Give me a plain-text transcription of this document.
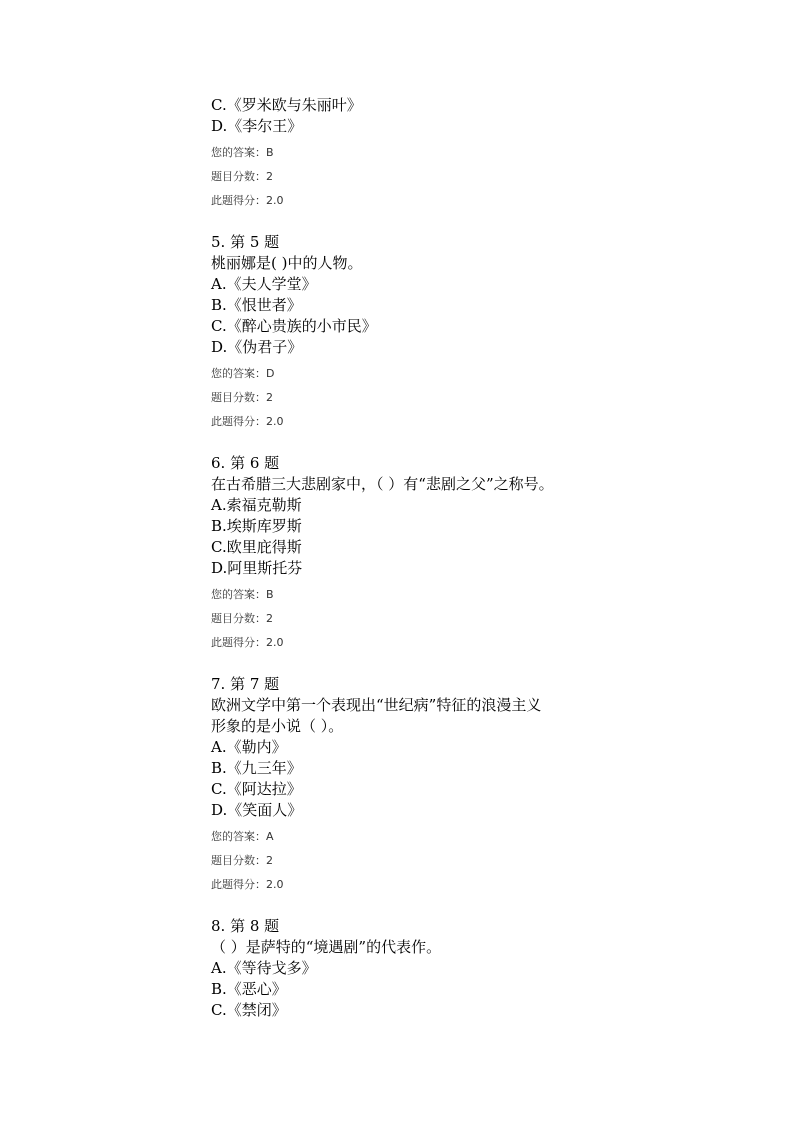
C.《罗米欧与朱丽叶》
D.《李尔王》
您的答案：B
题目分数：2
此题得分：2.0
5. 第 5 题
桃丽娜是( )中的人物。
A.《夫人学堂》
B.《恨世者》
C.《醉心贵族的小市民》
D.《伪君子》
您的答案：D
题目分数：2
此题得分：2.0
6. 第 6 题
在古希腊三大悲剧家中，（ ）有“悲剧之父”之称号。
A.索福克勒斯
B.埃斯库罗斯
C.欧里庇得斯
D.阿里斯托芬
您的答案：B
题目分数：2
此题得分：2.0
7. 第 7 题
欧洲文学中第一个表现出“世纪病”特征的浪漫主义
形象的是小说（ ）。
A.《勒内》
B.《九三年》
C.《阿达拉》
D.《笑面人》
您的答案：A
题目分数：2
此题得分：2.0
8. 第 8 题
（ ）是萨特的“境遇剧”的代表作。
A.《等待戈多》
B.《恶心》
C.《禁闭》
